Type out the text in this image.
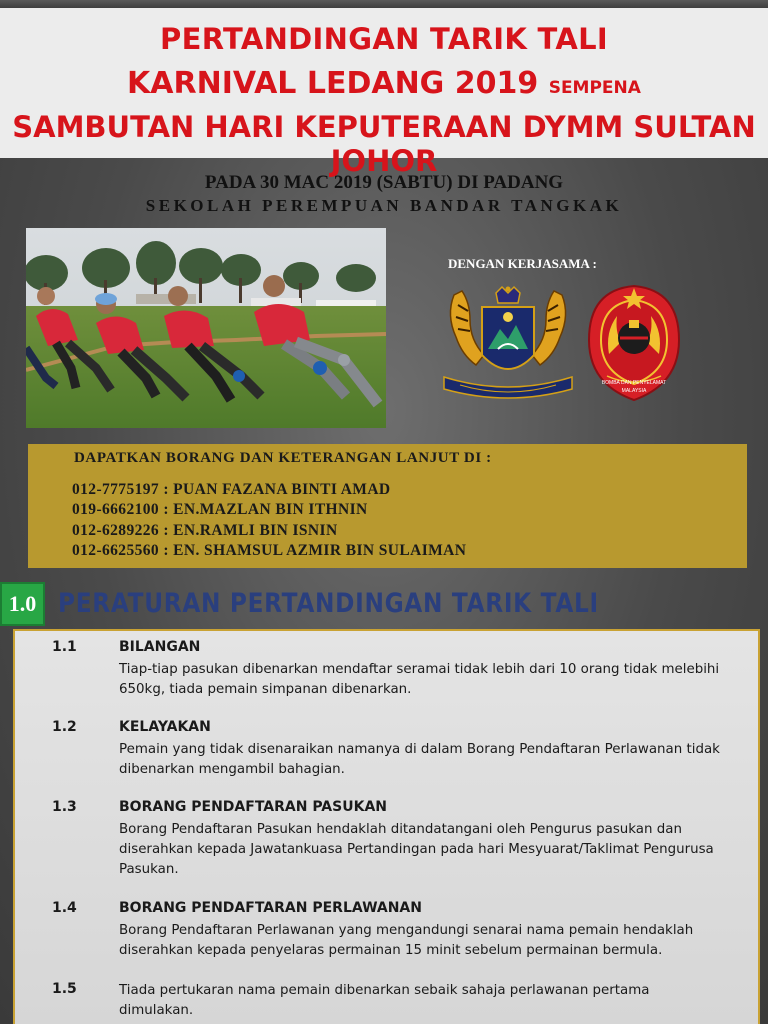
PERTANDINGAN TARIK TALI
KARNIVAL LEDANG 2019 SEMPENA
SAMBUTAN HARI KEPUTERAAN DYMM SULTAN JOHOR
PADA 30 MAC 2019 (SABTU) DI PADANG
SEKOLAH PEREMPUAN BANDAR TANGKAK
DENGAN KERJASAMA :
BOMBA DAN PENYELAMAT
MALAYSIA
DAPATKAN BORANG DAN KETERANGAN LANJUT DI :
012-7775197 : PUAN FAZANA BINTI AMAD
019-6662100 : EN.MAZLAN BIN ITHNIN
012-6289226 : EN.RAMLI BIN ISNIN
012-6625560 : EN. SHAMSUL AZMIR BIN SULAIMAN
1.0 PERATURAN PERTANDINGAN TARIK TALI
1.1	BILANGAN
Tiap-tiap pasukan dibenarkan mendaftar seramai tidak lebih dari 10 orang tidak melebihi
650kg, tiada pemain simpanan dibenarkan.
1.2	KELAYAKAN
Pemain yang tidak disenaraikan namanya di dalam Borang Pendaftaran Perlawanan tidak
dibenarkan mengambil bahagian.
1.3	BORANG PENDAFTARAN PASUKAN
Borang Pendaftaran Pasukan hendaklah ditandatangani oleh Pengurus pasukan dan
diserahkan kepada Jawatankuasa Pertandingan pada hari Mesyuarat/Taklimat Pengurusa
Pasukan.
1.4	BORANG PENDAFTARAN PERLAWANAN
Borang Pendaftaran Perlawanan yang mengandungi senarai nama pemain hendaklah
diserahkan kepada penyelaras permainan 15 minit sebelum permainan bermula.
1.5	Tiada pertukaran nama pemain dibenarkan sebaik sahaja perlawanan pertama
dimulakan.
